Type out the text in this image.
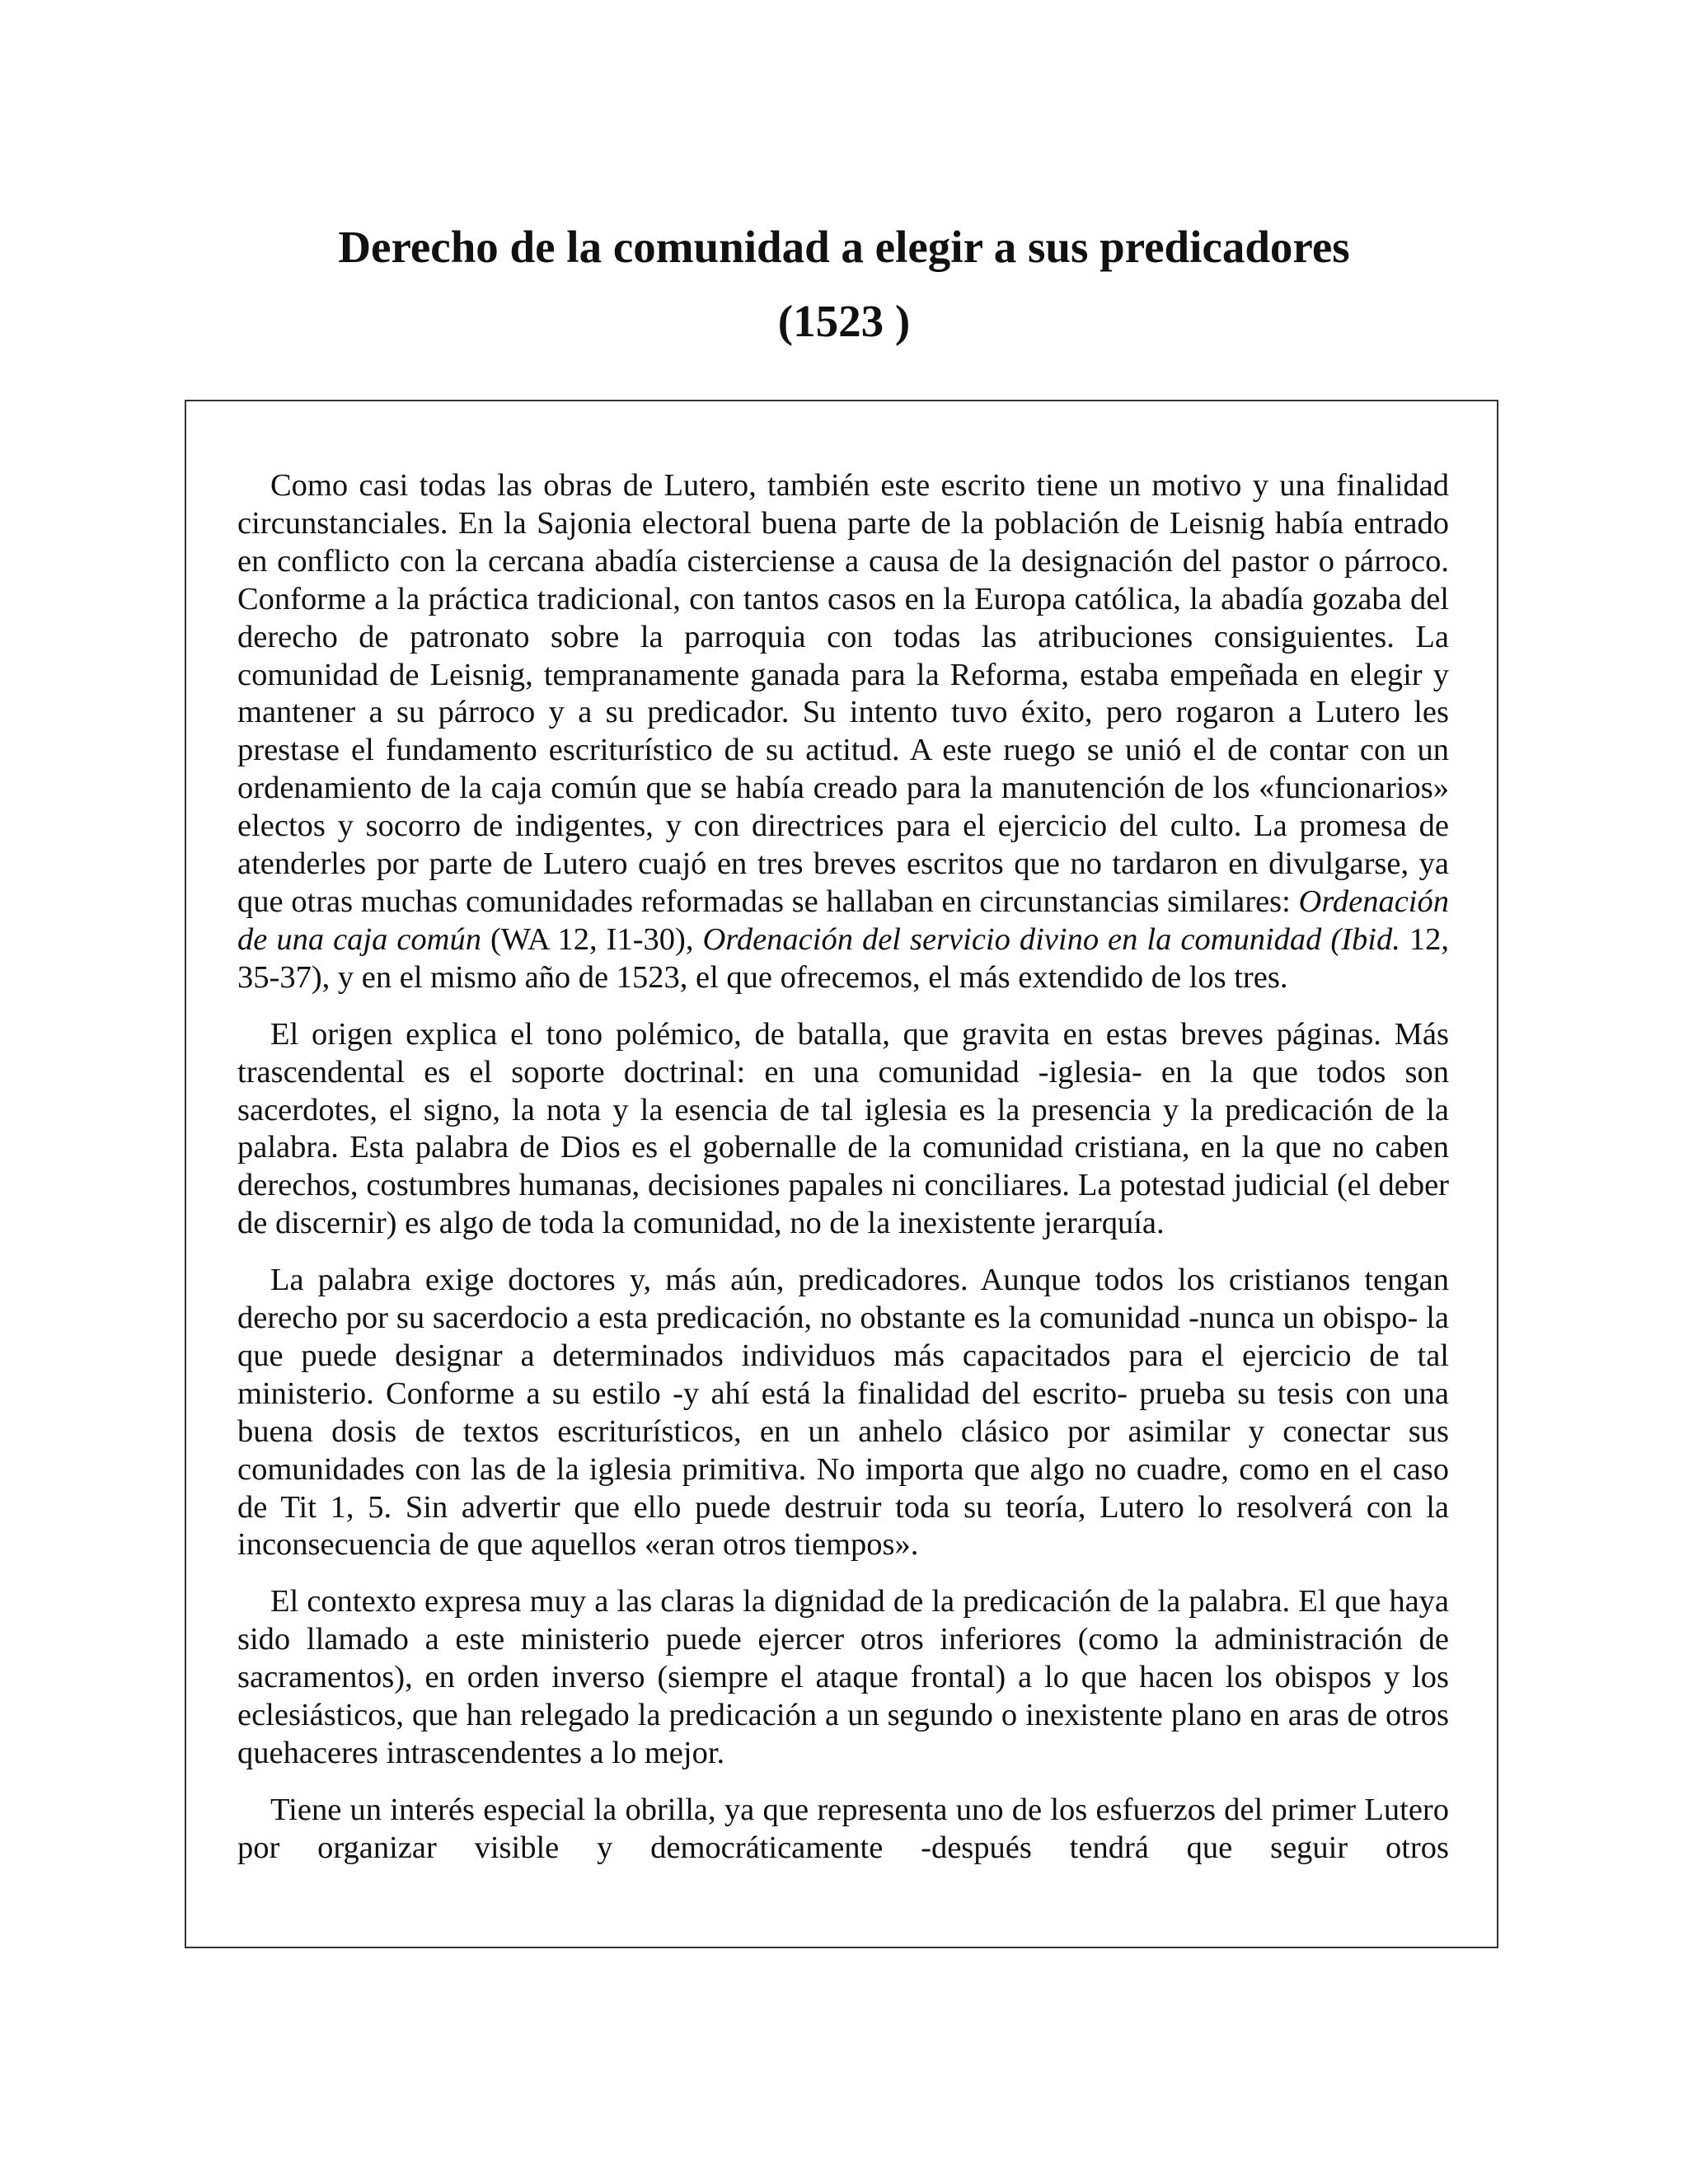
Derecho de la comunidad a elegir a sus predicadores
(1523 )

Como casi todas las obras de Lutero, también este escrito tiene un motivo y una finalidad circunstanciales. En la Sajonia electoral buena parte de la población de Leisnig había entrado en conflicto con la cercana abadía cisterciense a causa de la designación del pastor o párroco. Conforme a la práctica tradicional, con tantos casos en la Europa católica, la abadía gozaba del derecho de patronato sobre la parroquia con todas las atribuciones consiguientes. La comunidad de Leisnig, tempranamente ganada para la Reforma, estaba empeñada en elegir y mantener a su párroco y a su predicador. Su intento tuvo éxito, pero rogaron a Lutero les prestase el fundamento escriturístico de su actitud. A este ruego se unió el de contar con un ordenamiento de la caja común que se había creado para la manutención de los «funcionarios» electos y socorro de indigentes, y con directrices para el ejercicio del culto. La promesa de atenderles por parte de Lutero cuajó en tres breves escritos que no tardaron en divulgarse, ya que otras muchas comunidades reformadas se hallaban en circunstancias similares: Ordenación de una caja común (WA 12, I1-30), Ordenación del servicio divino en la comunidad (Ibid. 12, 35-37), y en el mismo año de 1523, el que ofrecemos, el más extendido de los tres.

El origen explica el tono polémico, de batalla, que gravita en estas breves páginas. Más trascendental es el soporte doctrinal: en una comunidad -iglesia- en la que todos son sacerdotes, el signo, la nota y la esencia de tal iglesia es la presencia y la predicación de la palabra. Esta palabra de Dios es el gobernalle de la comunidad cristiana, en la que no caben derechos, costumbres humanas, decisiones papales ni conciliares. La potestad judicial (el deber de discernir) es algo de toda la comunidad, no de la inexistente jerarquía.

La palabra exige doctores y, más aún, predicadores. Aunque todos los cristianos tengan derecho por su sacerdocio a esta predicación, no obstante es la comunidad -nunca un obispo- la que puede designar a determinados individuos más capacitados para el ejercicio de tal ministerio. Conforme a su estilo -y ahí está la finalidad del escrito- prueba su tesis con una buena dosis de textos escriturísticos, en un anhelo clásico por asimilar y conectar sus comunidades con las de la iglesia primitiva. No importa que algo no cuadre, como en el caso de Tit 1, 5. Sin advertir que ello puede destruir toda su teoría, Lutero lo resolverá con la inconsecuencia de que aquellos «eran otros tiempos».

El contexto expresa muy a las claras la dignidad de la predicación de la palabra. El que haya sido llamado a este ministerio puede ejercer otros inferiores (como la administración de sacramentos), en orden inverso (siempre el ataque frontal) a lo que hacen los obispos y los eclesiásticos, que han relegado la predicación a un segundo o inexistente plano en aras de otros quehaceres intrascendentes a lo mejor.

Tiene un interés especial la obrilla, ya que representa uno de los esfuerzos del primer Lutero por organizar visible y democráticamente -después tendrá que seguir otros
